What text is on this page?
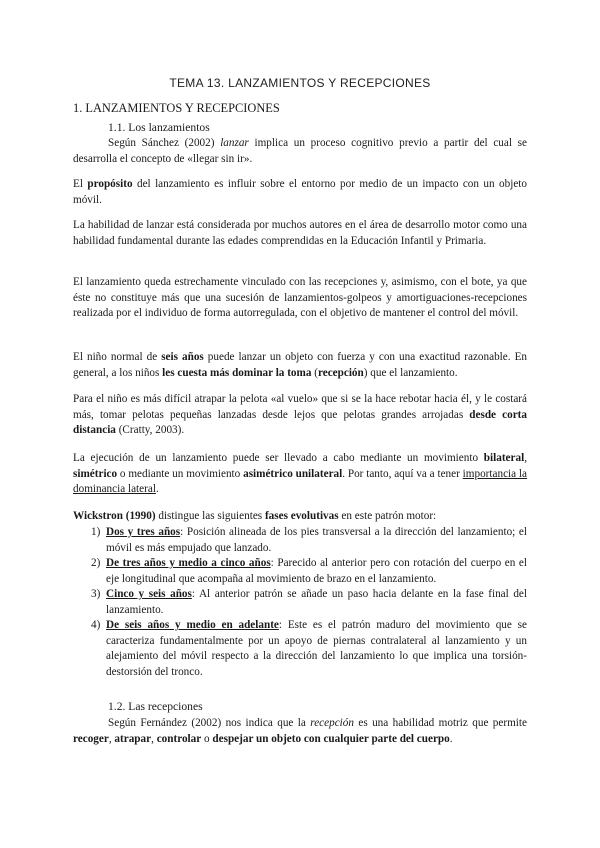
TEMA 13. LANZAMIENTOS Y RECEPCIONES
1. LANZAMIENTOS Y RECEPCIONES
1.1. Los lanzamientos
Según Sánchez (2002) lanzar implica un proceso cognitivo previo a partir del cual se desarrolla el concepto de «llegar sin ir».
El propósito del lanzamiento es influir sobre el entorno por medio de un impacto con un objeto móvil.
La habilidad de lanzar está considerada por muchos autores en el área de desarrollo motor como una habilidad fundamental durante las edades comprendidas en la Educación Infantil y Primaria.
El lanzamiento queda estrechamente vinculado con las recepciones y, asimismo, con el bote, ya que éste no constituye más que una sucesión de lanzamientos-golpeos y amortiguaciones-recepciones realizada por el individuo de forma autorregulada, con el objetivo de mantener el control del móvil.
El niño normal de seis años puede lanzar un objeto con fuerza y con una exactitud razonable. En general, a los niños les cuesta más dominar la toma (recepción) que el lanzamiento.
Para el niño es más difícil atrapar la pelota «al vuelo» que si se la hace rebotar hacia él, y le costará más, tomar pelotas pequeñas lanzadas desde lejos que pelotas grandes arrojadas desde corta distancia (Cratty, 2003).
La ejecución de un lanzamiento puede ser llevado a cabo mediante un movimiento bilateral, simétrico o mediante un movimiento asimétrico unilateral. Por tanto, aquí va a tener importancia la dominancia lateral.
Wickstron (1990) distingue las siguientes fases evolutivas en este patrón motor:
1) Dos y tres años: Posición alineada de los pies transversal a la dirección del lanzamiento; el móvil es más empujado que lanzado.
2) De tres años y medio a cinco años: Parecido al anterior pero con rotación del cuerpo en el eje longitudinal que acompaña al movimiento de brazo en el lanzamiento.
3) Cinco y seis años: Al anterior patrón se añade un paso hacia delante en la fase final del lanzamiento.
4) De seis años y medio en adelante: Este es el patrón maduro del movimiento que se caracteriza fundamentalmente por un apoyo de piernas contralateral al lanzamiento y un alejamiento del móvil respecto a la dirección del lanzamiento lo que implica una torsión-destorsión del tronco.
1.2. Las recepciones
Según Fernández (2002) nos indica que la recepción es una habilidad motriz que permite recoger, atrapar, controlar o despejar un objeto con cualquier parte del cuerpo.
